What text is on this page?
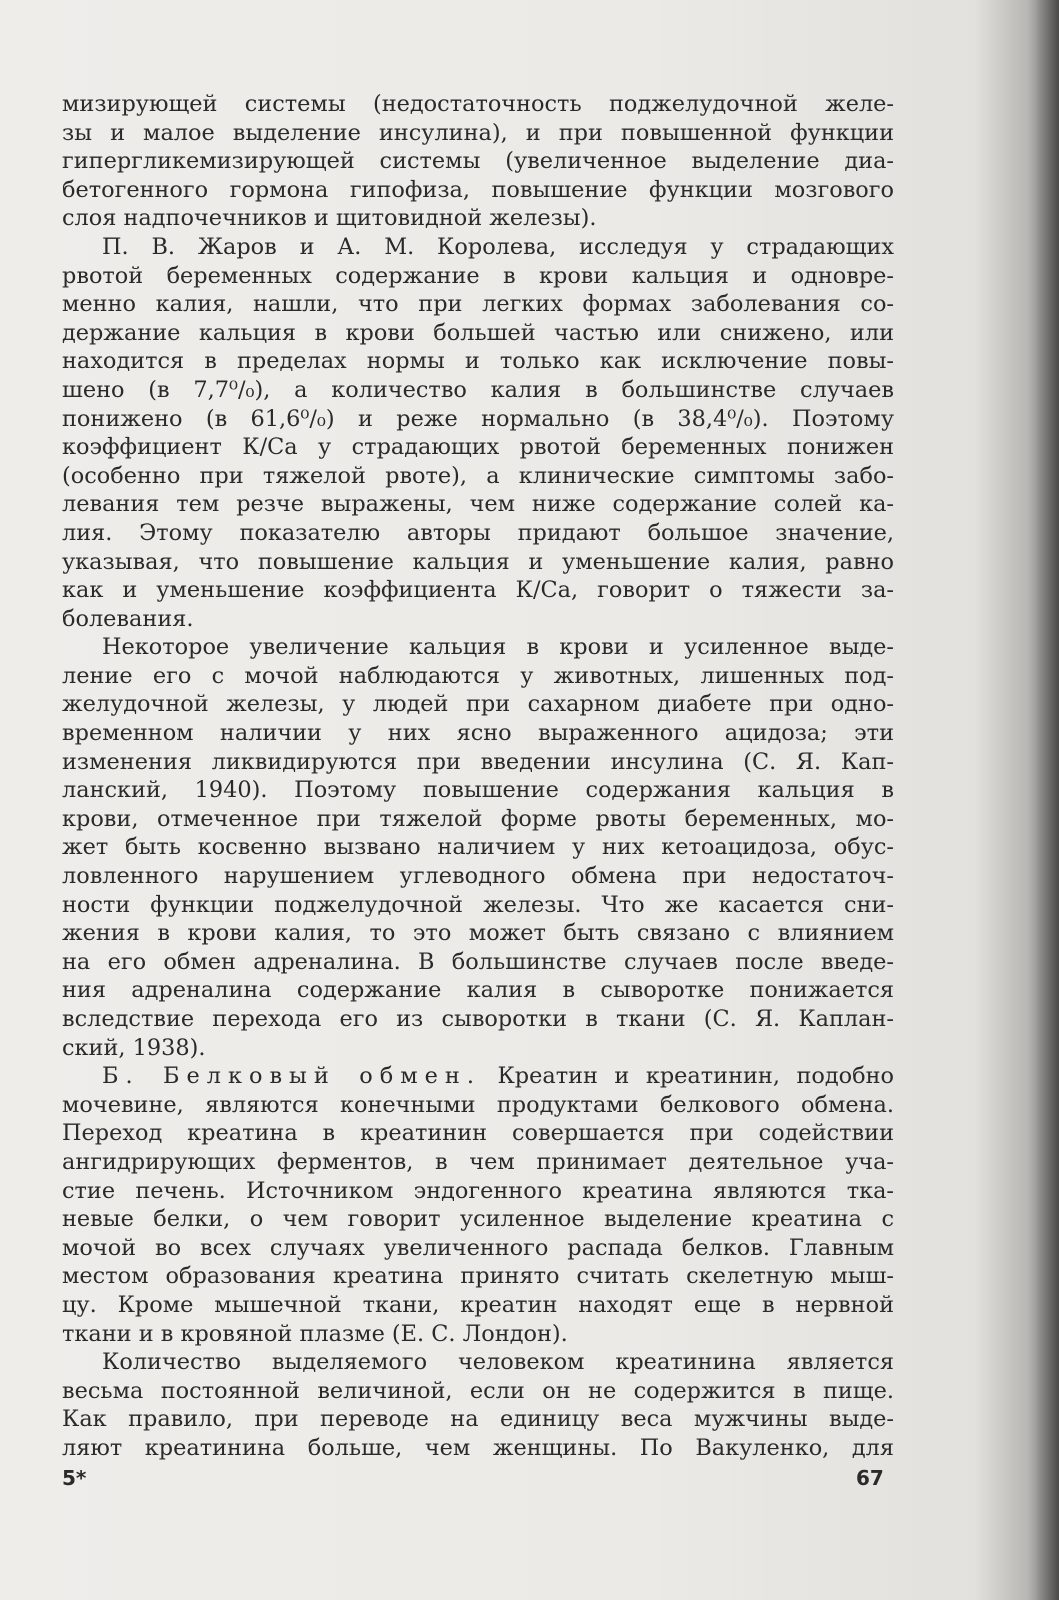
мизирующей системы (недостаточность поджелудочной желе-
зы и малое выделение инсулина), и при повышенной функции
гипергликемизирующей системы (увеличенное выделение диа-
бетогенного гормона гипофиза, повышение функции мозгового
слоя надпочечников и щитовидной железы).
П. В. Жаров и А. М. Королева, исследуя у страдающих
рвотой беременных содержание в крови кальция и одновре-
менно калия, нашли, что при легких формах заболевания со-
держание кальция в крови большей частью или снижено, или
находится в пределах нормы и только как исключение повы-
шено (в 7,7⁰/₀), а количество калия в большинстве случаев
понижено (в 61,6⁰/₀) и реже нормально (в 38,4⁰/₀). Поэтому
коэффициент К/Са у страдающих рвотой беременных понижен
(особенно при тяжелой рвоте), а клинические симптомы забо-
левания тем резче выражены, чем ниже содержание солей ка-
лия. Этому показателю авторы придают большое значение,
указывая, что повышение кальция и уменьшение калия, равно
как и уменьшение коэффициента К/Са, говорит о тяжести за-
болевания.
Некоторое увеличение кальция в крови и усиленное выде-
ление его с мочой наблюдаются у животных, лишенных под-
желудочной железы, у людей при сахарном диабете при одно-
временном наличии у них ясно выраженного ацидоза; эти
изменения ликвидируются при введении инсулина (С. Я. Кап-
ланский, 1940). Поэтому повышение содержания кальция в
крови, отмеченное при тяжелой форме рвоты беременных, мо-
жет быть косвенно вызвано наличием у них кетоацидоза, обус-
ловленного нарушением углеводного обмена при недостаточ-
ности функции поджелудочной железы. Что же касается сни-
жения в крови калия, то это может быть связано с влиянием
на его обмен адреналина. В большинстве случаев после введе-
ния адреналина содержание калия в сыворотке понижается
вследствие перехода его из сыворотки в ткани (С. Я. Каплан-
ский, 1938).
Б. Белковый обмен. Креатин и креатинин, подобно
мочевине, являются конечными продуктами белкового обмена.
Переход креатина в креатинин совершается при содействии
ангидрирующих ферментов, в чем принимает деятельное уча-
стие печень. Источником эндогенного креатина являются тка-
невые белки, о чем говорит усиленное выделение креатина с
мочой во всех случаях увеличенного распада белков. Главным
местом образования креатина принято считать скелетную мыш-
цу. Кроме мышечной ткани, креатин находят еще в нервной
ткани и в кровяной плазме (Е. С. Лондон).
Количество выделяемого человеком креатинина является
весьма постоянной величиной, если он не содержится в пище.
Как правило, при переводе на единицу веса мужчины выде-
ляют креатинина больше, чем женщины. По Вакуленко, для
5*	67
